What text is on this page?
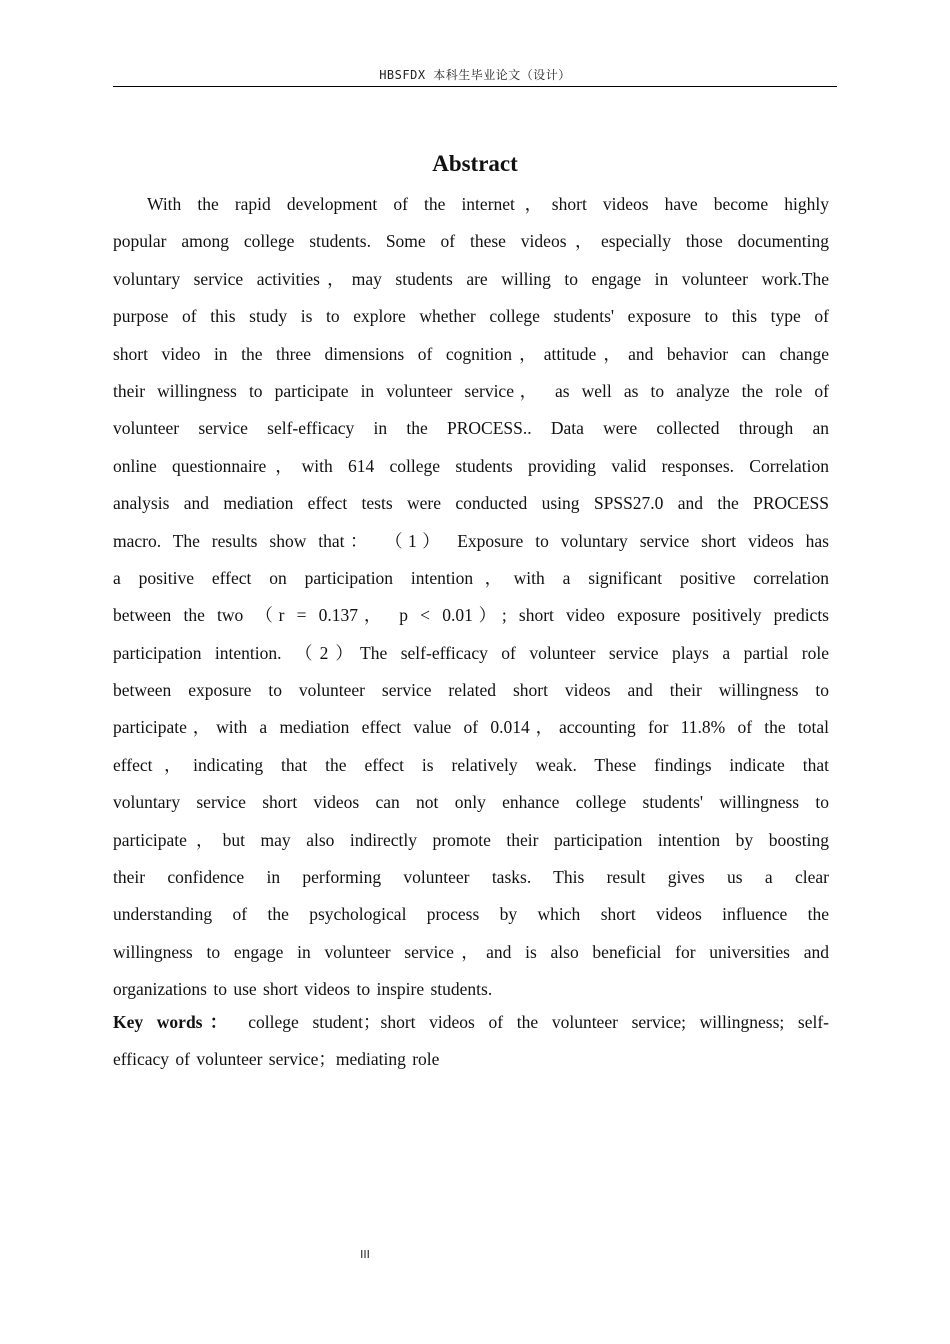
HBSFDX 本科生毕业论文（设计）
Abstract
With the rapid development of the internet，short videos have become highly
popular among college students. Some of these videos，especially those documenting
voluntary service activities，may students are willing to engage in volunteer work.The
purpose of this study is to explore whether college students' exposure to this type of
short video in the three dimensions of cognition，attitude，and behavior can change
their willingness to participate in volunteer service， as well as to analyze the role of
volunteer service self-efficacy in the PROCESS.. Data were collected through an
online questionnaire，with 614 college students providing valid responses. Correlation
analysis and mediation effect tests were conducted using SPSS27.0 and the PROCESS
macro. The results show that： （1） Exposure to voluntary service short videos has
a positive effect on participation intention，with a significant positive correlation
between the two （r = 0.137， p < 0.01）; short video exposure positively predicts
participation intention. （2）The self-efficacy of volunteer service plays a partial role
between exposure to volunteer service related short videos and their willingness to
participate，with a mediation effect value of 0.014，accounting for 11.8% of the total
effect，indicating that the effect is relatively weak. These findings indicate that
voluntary service short videos can not only enhance college students' willingness to
participate，but may also indirectly promote their participation intention by boosting
their confidence in performing volunteer tasks. This result gives us a clear
understanding of the psychological process by which short videos influence the
willingness to engage in volunteer service，and is also beneficial for universities and
organizations to use short videos to inspire students.
Key words： college student；short videos of the volunteer service; willingness; self-
efficacy of volunteer service；mediating role
III
